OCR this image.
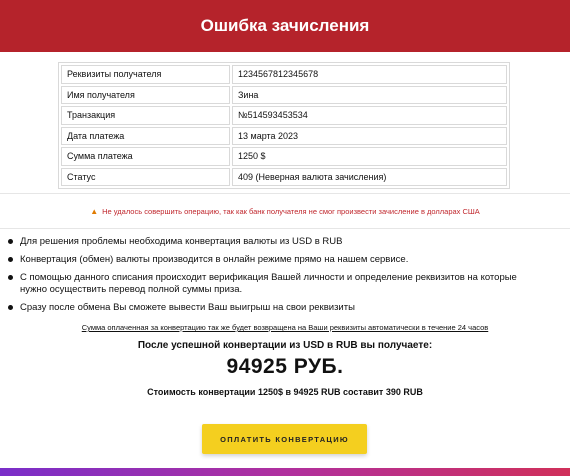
Ошибка зачисления
Реквизиты получателя	1234567812345678
Имя получателя	Зина
Транзакция	№514593453534
Дата платежа	13 марта 2023
Сумма платежа	1250 $
Статус	409 (Неверная валюта зачисления)
▲ Не удалось совершить операцию, так как банк получателя не смог произвести зачисление в долларах США
Для решения проблемы необходима конвертация валюты из USD в RUB
Конвертация (обмен) валюты производится в онлайн режиме прямо на нашем сервисе.
С помощью данного списания происходит верификация Вашей личности и определение реквизитов на которые нужно осуществить перевод полной суммы приза.
Сразу после обмена Вы сможете вывести Ваш выигрыш на свои реквизиты
Сумма оплаченная за конвертацию так же будет возвращена на Ваши реквизиты автоматически в течение 24 часов
После успешной конвертации из USD в RUB вы получаете:
94925 РУБ.
Стоимость конвертации 1250$ в 94925 RUB составит 390 RUB
ОПЛАТИТЬ КОНВЕРТАЦИЮ
